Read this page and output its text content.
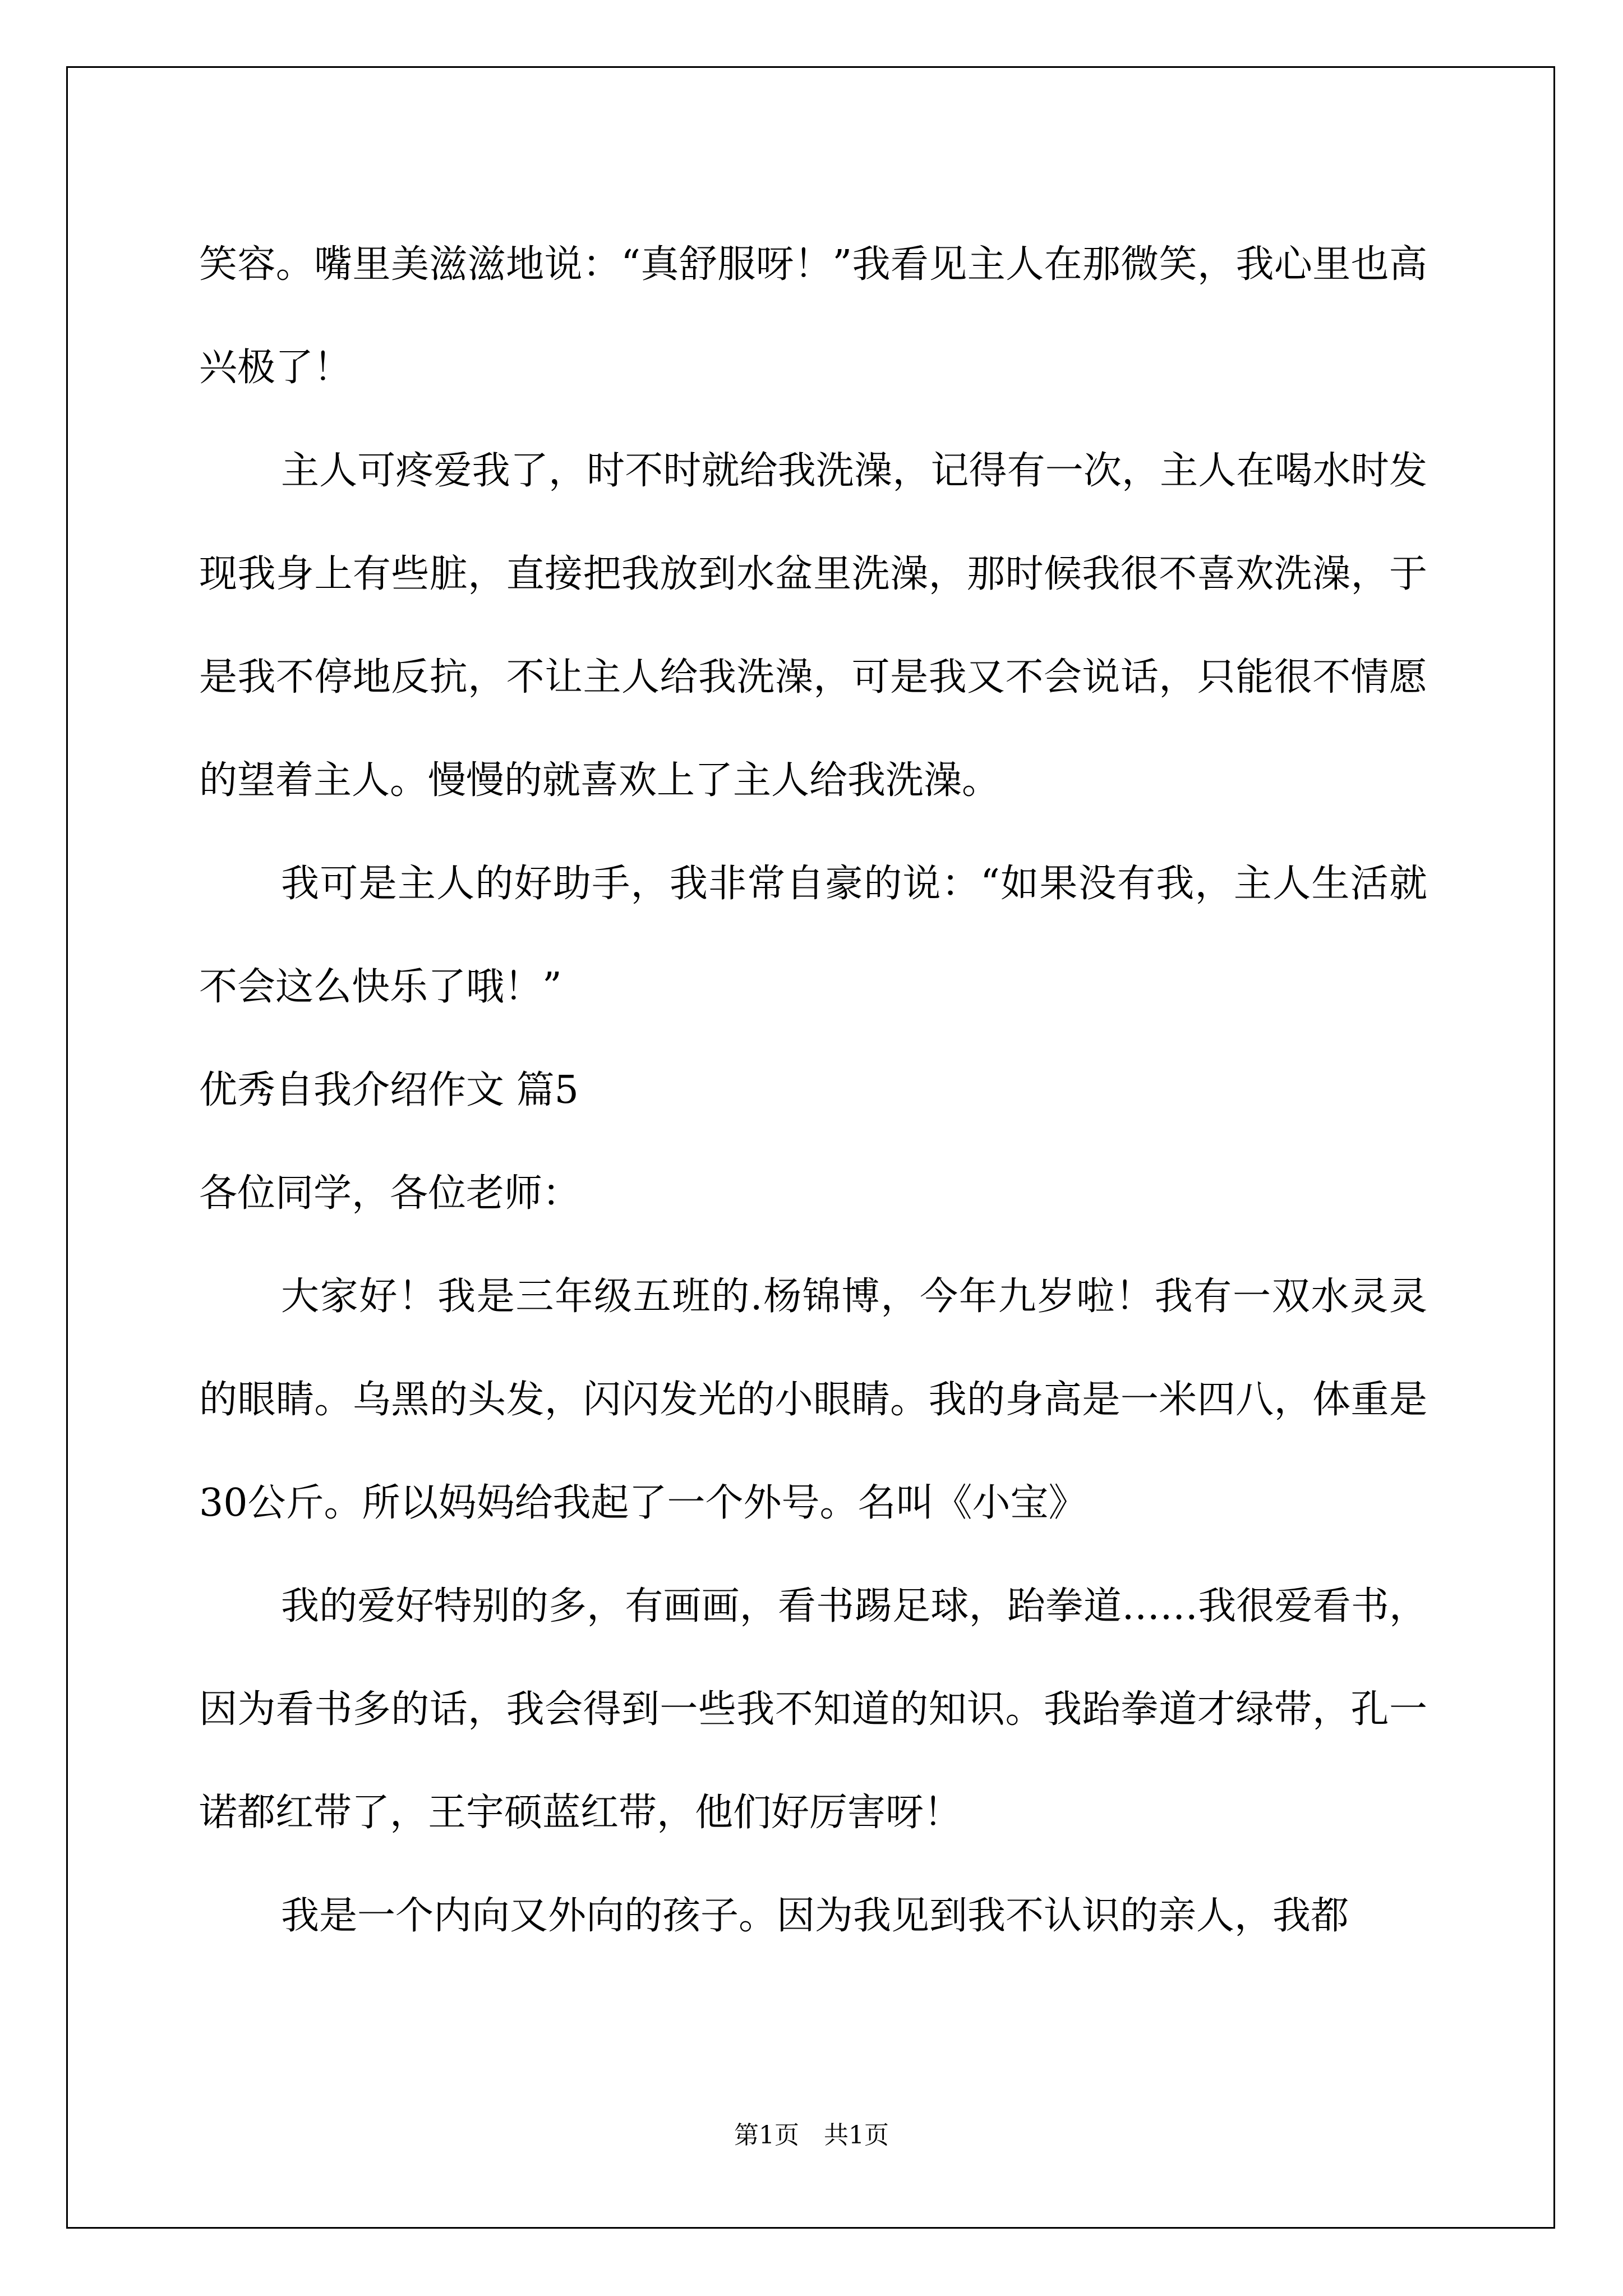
笑容。嘴里美滋滋地说：“真舒服呀！”我看见主人在那微笑，我心里也高兴极了！

主人可疼爱我了，时不时就给我洗澡，记得有一次，主人在喝水时发现我身上有些脏，直接把我放到水盆里洗澡，那时候我很不喜欢洗澡，于是我不停地反抗，不让主人给我洗澡，可是我又不会说话，只能很不情愿的望着主人。慢慢的就喜欢上了主人给我洗澡。

我可是主人的好助手，我非常自豪的说：“如果没有我，主人生活就不会这么快乐了哦！”

优秀自我介绍作文 篇5

各位同学，各位老师：

大家好！我是三年级五班的.杨锦博，今年九岁啦！我有一双水灵灵的眼睛。乌黑的头发，闪闪发光的小眼睛。我的身高是一米四八，体重是30公斤。所以妈妈给我起了一个外号。名叫《小宝》

我的爱好特别的多，有画画，看书踢足球，跆拳道……我很爱看书，因为看书多的话，我会得到一些我不知道的知识。我跆拳道才绿带，孔一诺都红带了，王宇硕蓝红带，他们好厉害呀！

我是一个内向又外向的孩子。因为我见到我不认识的亲人，我都

第1页　共1页
